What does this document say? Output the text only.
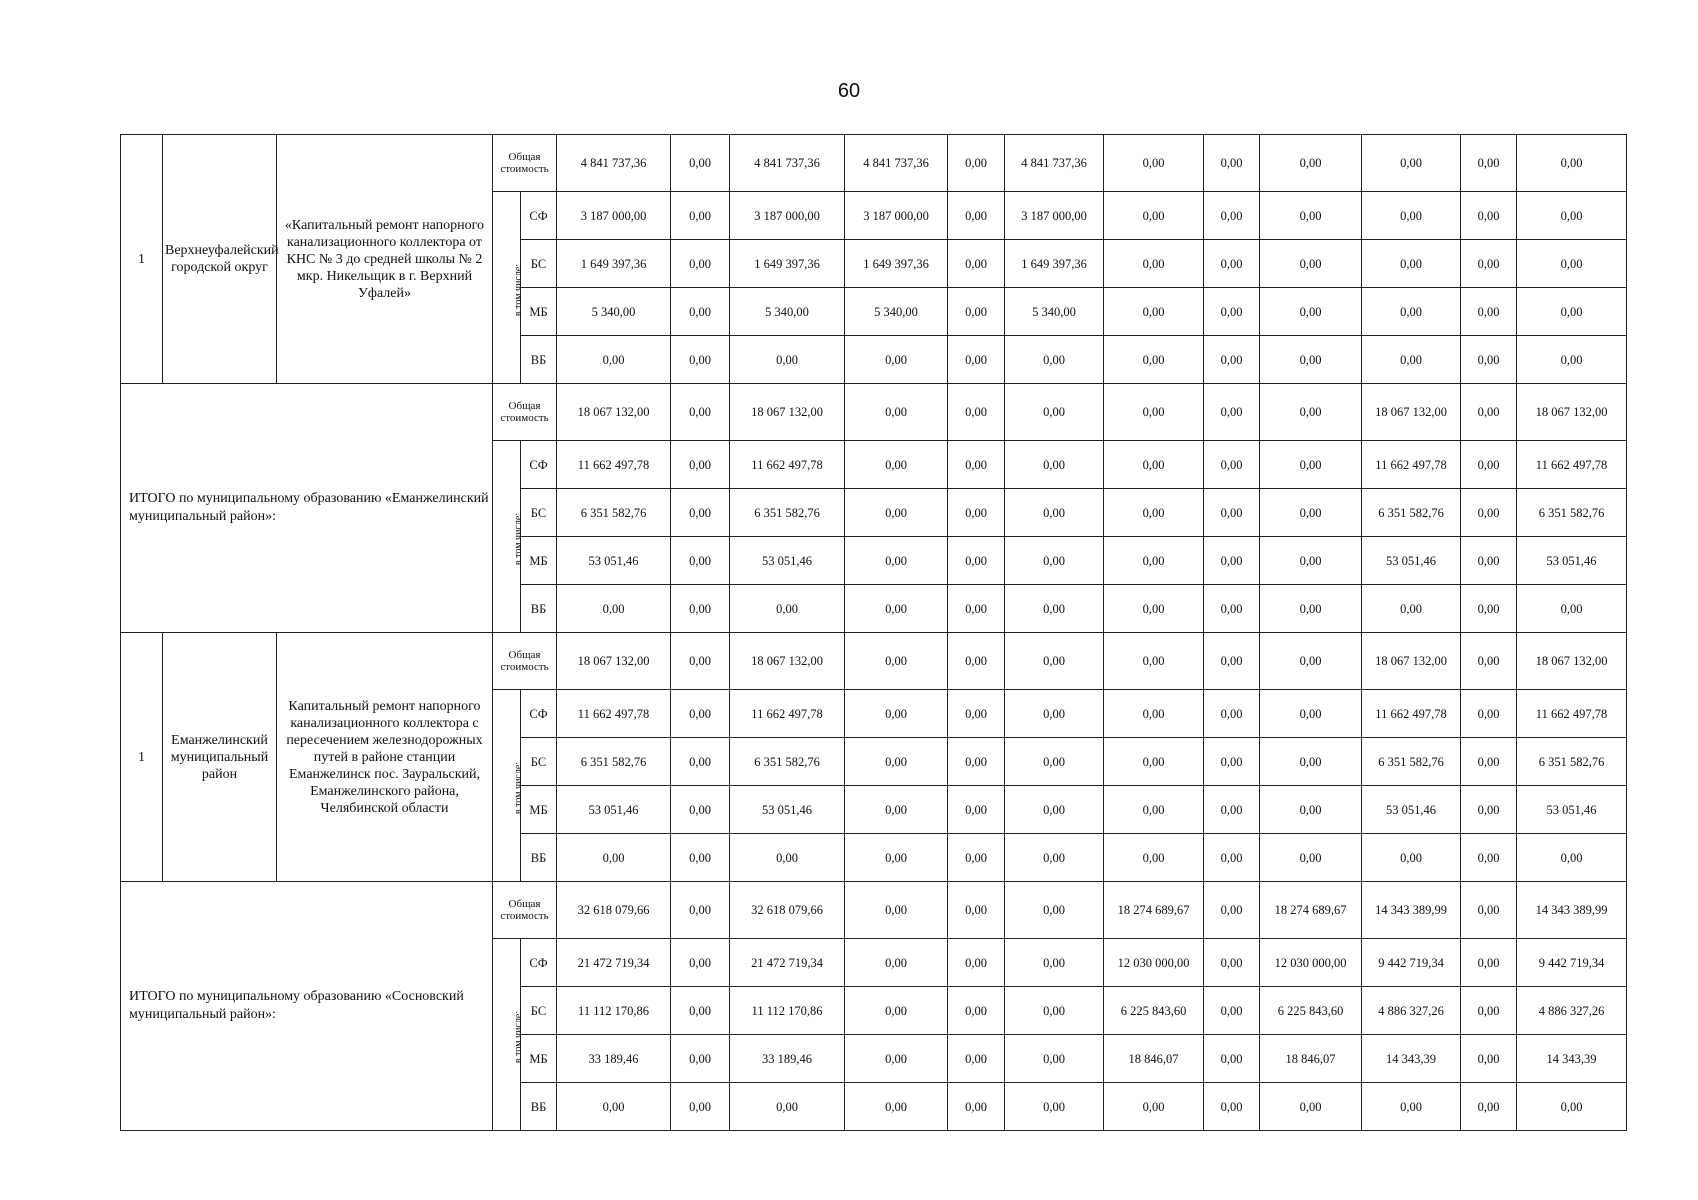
60
1	Верхнеуфалейский городской округ	«Капитальный ремонт напорного канализационного коллектора от КНС № 3 до средней школы № 2 мкр. Никельщик в г. Верхний Уфалей»	Общая стоимость		4 841 737,36	0,00	4 841 737,36	4 841 737,36	0,00	4 841 737,36	0,00	0,00	0,00	0,00	0,00	0,00
			в том числе:	СФ	3 187 000,00	0,00	3 187 000,00	3 187 000,00	0,00	3 187 000,00	0,00	0,00	0,00	0,00	0,00	0,00
				БС	1 649 397,36	0,00	1 649 397,36	1 649 397,36	0,00	1 649 397,36	0,00	0,00	0,00	0,00	0,00	0,00
				МБ	5 340,00	0,00	5 340,00	5 340,00	0,00	5 340,00	0,00	0,00	0,00	0,00	0,00	0,00
				ВБ	0,00	0,00	0,00	0,00	0,00	0,00	0,00	0,00	0,00	0,00	0,00	0,00
ИТОГО по муниципальному образованию «Еманжелинский муниципальный район»:			Общая стоимость		18 067 132,00	0,00	18 067 132,00	0,00	0,00	0,00	0,00	0,00	0,00	18 067 132,00	0,00	18 067 132,00
			в том числе:	СФ	11 662 497,78	0,00	11 662 497,78	0,00	0,00	0,00	0,00	0,00	0,00	11 662 497,78	0,00	11 662 497,78
				БС	6 351 582,76	0,00	6 351 582,76	0,00	0,00	0,00	0,00	0,00	0,00	6 351 582,76	0,00	6 351 582,76
				МБ	53 051,46	0,00	53 051,46	0,00	0,00	0,00	0,00	0,00	0,00	53 051,46	0,00	53 051,46
				ВБ	0,00	0,00	0,00	0,00	0,00	0,00	0,00	0,00	0,00	0,00	0,00	0,00
1	Еманжелинский муниципальный район	Капитальный ремонт напорного канализационного коллектора с пересечением железнодорожных путей в районе станции Еманжелинск пос. Зауральский, Еманжелинского района, Челябинской области	Общая стоимость		18 067 132,00	0,00	18 067 132,00	0,00	0,00	0,00	0,00	0,00	0,00	18 067 132,00	0,00	18 067 132,00
			в том числе:	СФ	11 662 497,78	0,00	11 662 497,78	0,00	0,00	0,00	0,00	0,00	0,00	11 662 497,78	0,00	11 662 497,78
				БС	6 351 582,76	0,00	6 351 582,76	0,00	0,00	0,00	0,00	0,00	0,00	6 351 582,76	0,00	6 351 582,76
				МБ	53 051,46	0,00	53 051,46	0,00	0,00	0,00	0,00	0,00	0,00	53 051,46	0,00	53 051,46
				ВБ	0,00	0,00	0,00	0,00	0,00	0,00	0,00	0,00	0,00	0,00	0,00	0,00
ИТОГО по муниципальному образованию «Сосновский муниципальный район»:			Общая стоимость		32 618 079,66	0,00	32 618 079,66	0,00	0,00	0,00	18 274 689,67	0,00	18 274 689,67	14 343 389,99	0,00	14 343 389,99
			в том числе:	СФ	21 472 719,34	0,00	21 472 719,34	0,00	0,00	0,00	12 030 000,00	0,00	12 030 000,00	9 442 719,34	0,00	9 442 719,34
				БС	11 112 170,86	0,00	11 112 170,86	0,00	0,00	0,00	6 225 843,60	0,00	6 225 843,60	4 886 327,26	0,00	4 886 327,26
				МБ	33 189,46	0,00	33 189,46	0,00	0,00	0,00	18 846,07	0,00	18 846,07	14 343,39	0,00	14 343,39
				ВБ	0,00	0,00	0,00	0,00	0,00	0,00	0,00	0,00	0,00	0,00	0,00	0,00
